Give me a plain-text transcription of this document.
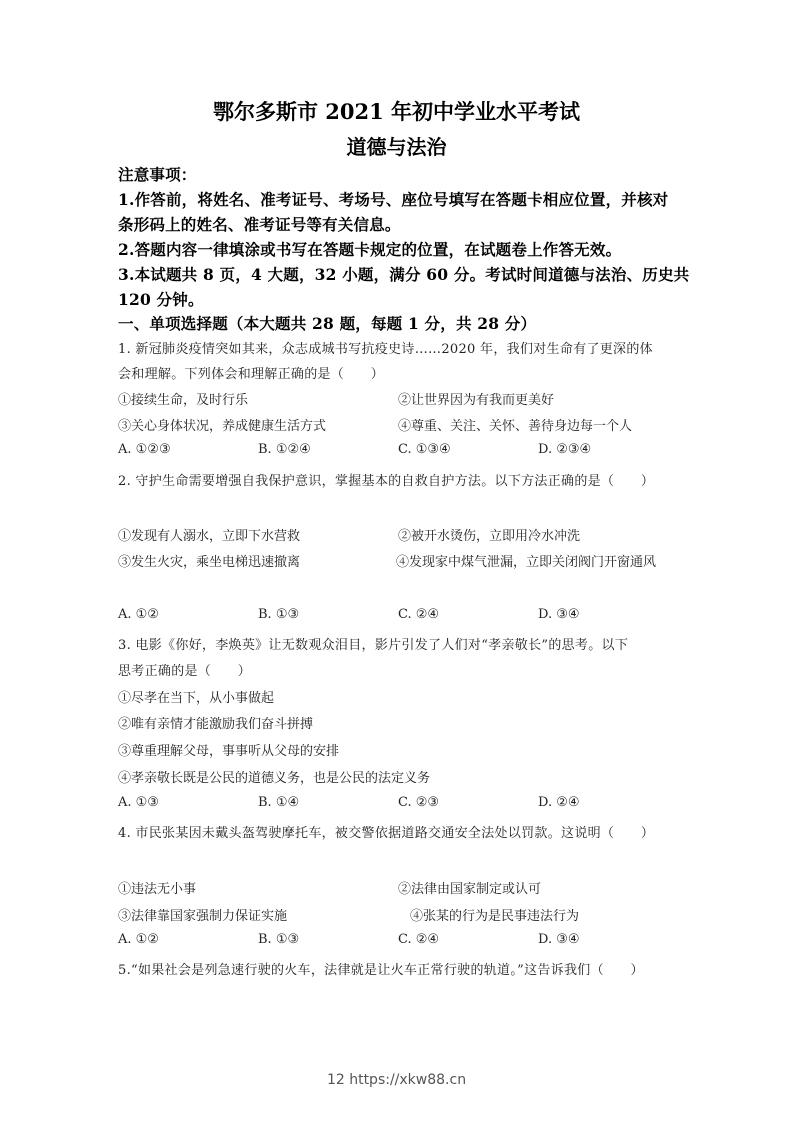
鄂尔多斯市 2021 年初中学业水平考试
道德与法治
注意事项：
1.作答前，将姓名、准考证号、考场号、座位号填写在答题卡相应位置，并核对
条形码上的姓名、准考证号等有关信息。
2.答题内容一律填涂或书写在答题卡规定的位置，在试题卷上作答无效。
3.本试题共 8 页，4 大题，32 小题，满分 60 分。考试时间道德与法治、历史共
120 分钟。
一、单项选择题（本大题共 28 题，每题 1 分，共 28 分）
1. 新冠肺炎疫情突如其来，众志成城书写抗疫史诗……2020 年，我们对生命有了更深的体
会和理解。下列体会和理解正确的是（　　）
①接续生命，及时行乐	②让世界因为有我而更美好
③关心身体状况，养成健康生活方式	④尊重、关注、关怀、善待身边每一个人
A. ①②③	B. ①②④	C. ①③④	D. ②③④
2. 守护生命需要增强自我保护意识，掌握基本的自救自护方法。以下方法正确的是（　　）
①发现有人溺水，立即下水营救	②被开水烫伤，立即用冷水冲洗
③发生火灾，乘坐电梯迅速撤离	④发现家中煤气泄漏，立即关闭阀门开窗通风
A. ①②	B. ①③	C. ②④	D. ③④
3. 电影《你好，李焕英》让无数观众泪目，影片引发了人们对“孝亲敬长”的思考。以下
思考正确的是（　　）
①尽孝在当下，从小事做起
②唯有亲情才能激励我们奋斗拼搏
③尊重理解父母，事事听从父母的安排
④孝亲敬长既是公民的道德义务，也是公民的法定义务
A. ①③	B. ①④	C. ②③	D. ②④
4. 市民张某因未戴头盔驾驶摩托车，被交警依据道路交通安全法处以罚款。这说明（　　）
①违法无小事	②法律由国家制定或认可
③法律靠国家强制力保证实施	④张某的行为是民事违法行为
A. ①②	B. ①③	C. ②④	D. ③④
5.“如果社会是列急速行驶的火车，法律就是让火车正常行驶的轨道。”这告诉我们（　　）
12 https://xkw88.cn
